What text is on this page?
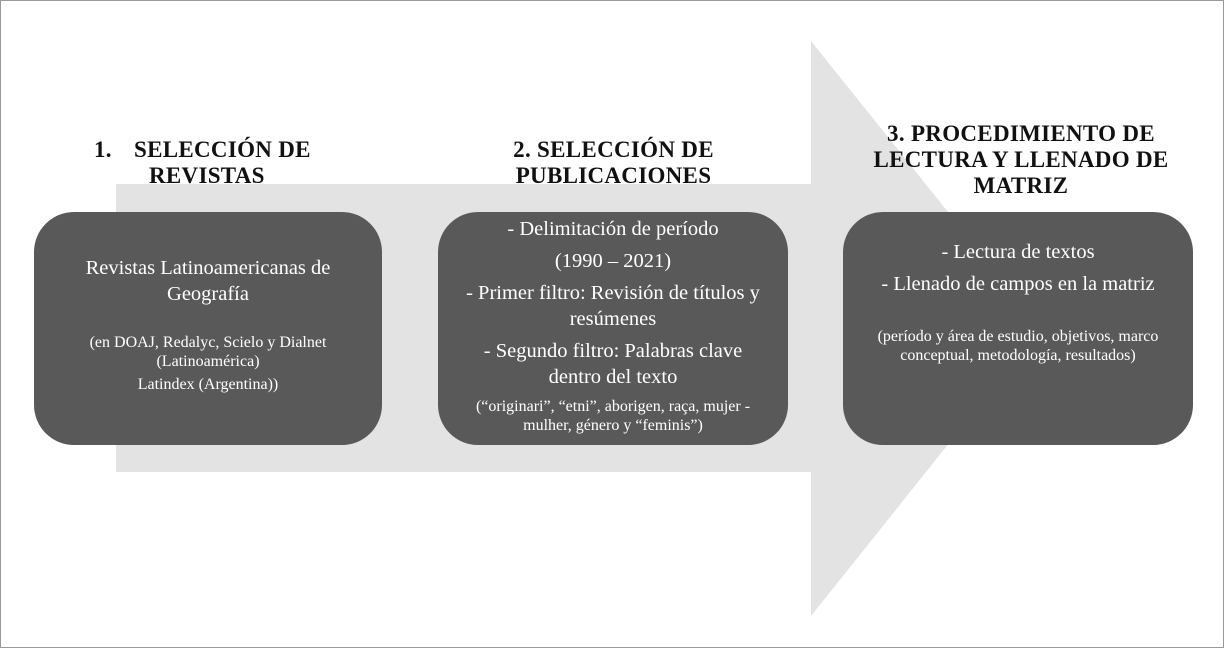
1. SELECCIÓN DE
REVISTAS
Revistas Latinoamericanas de Geografía
(en DOAJ, Redalyc, Scielo y Dialnet (Latinoamérica)
Latindex (Argentina))
2. SELECCIÓN DE
PUBLICACIONES
- Delimitación de período
(1990 – 2021)
- Primer filtro: Revisión de títulos y resúmenes
- Segundo filtro: Palabras clave dentro del texto
(“originari”, “etni”, aborigen, raça, mujer - mulher, género y “feminis”)
3. PROCEDIMIENTO DE
LECTURA Y LLENADO DE
MATRIZ
- Lectura de textos
- Llenado de campos en la matriz
(período y área de estudio, objetivos, marco conceptual, metodología, resultados)
